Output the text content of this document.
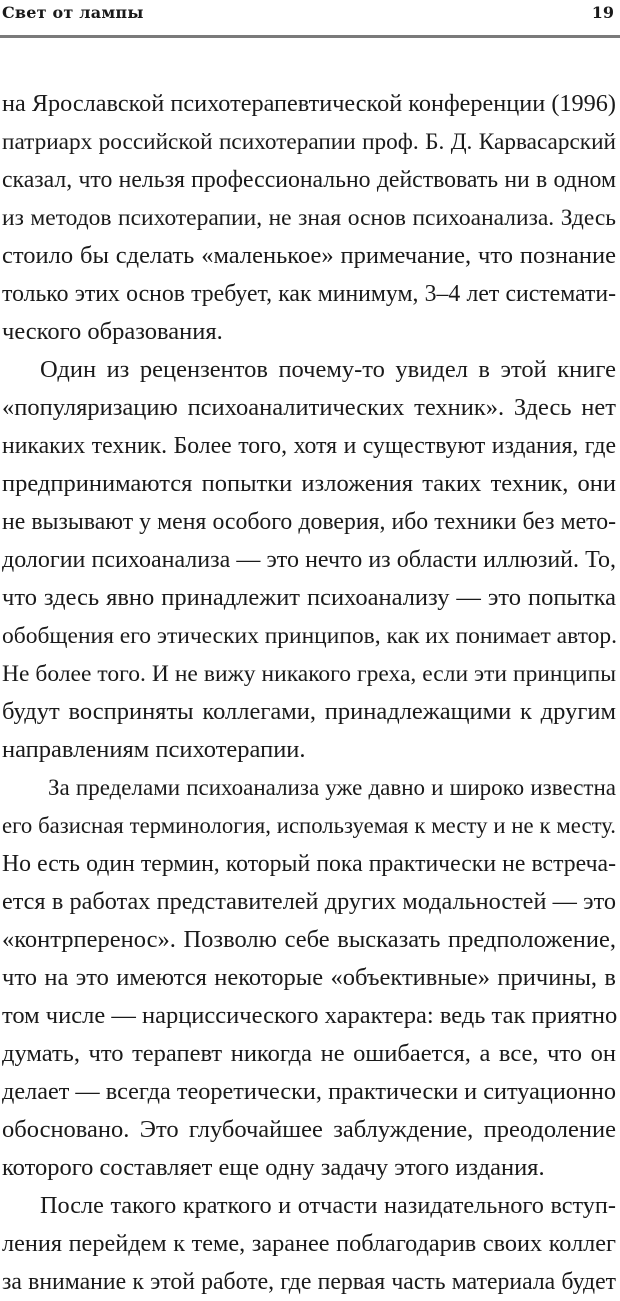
Свет от лампы	19
на Ярославской психотерапевтической конференции (1996)
патриарх российской психотерапии проф. Б. Д. Карвасарский
сказал, что нельзя профессионально действовать ни в одном
из методов психотерапии, не зная основ психоанализа. Здесь
стоило бы сделать «маленькое» примечание, что познание
только этих основ требует, как минимум, 3–4 лет системати-
ческого образования.
Один из рецензентов почему-то увидел в этой книге
«популяризацию психоаналитических техник». Здесь нет
никаких техник. Более того, хотя и существуют издания, где
предпринимаются попытки изложения таких техник, они
не вызывают у меня особого доверия, ибо техники без мето-
дологии психоанализа — это нечто из области иллюзий. То,
что здесь явно принадлежит психоанализу — это попытка
обобщения его этических принципов, как их понимает автор.
Не более того. И не вижу никакого греха, если эти принципы
будут восприняты коллегами, принадлежащими к другим
направлениям психотерапии.
За пределами психоанализа уже давно и широко известна
его базисная терминология, используемая к месту и не к месту.
Но есть один термин, который пока практически не встреча-
ется в работах представителей других модальностей — это
«контрперенос». Позволю себе высказать предположение,
что на это имеются некоторые «объективные» причины, в
том числе — нарциссического характера: ведь так приятно
думать, что терапевт никогда не ошибается, а все, что он
делает — всегда теоретически, практически и ситуационно
обосновано. Это глубочайшее заблуждение, преодоление
которого составляет еще одну задачу этого издания.
После такого краткого и отчасти назидательного вступ-
ления перейдем к теме, заранее поблагодарив своих коллег
за внимание к этой работе, где первая часть материала будет
